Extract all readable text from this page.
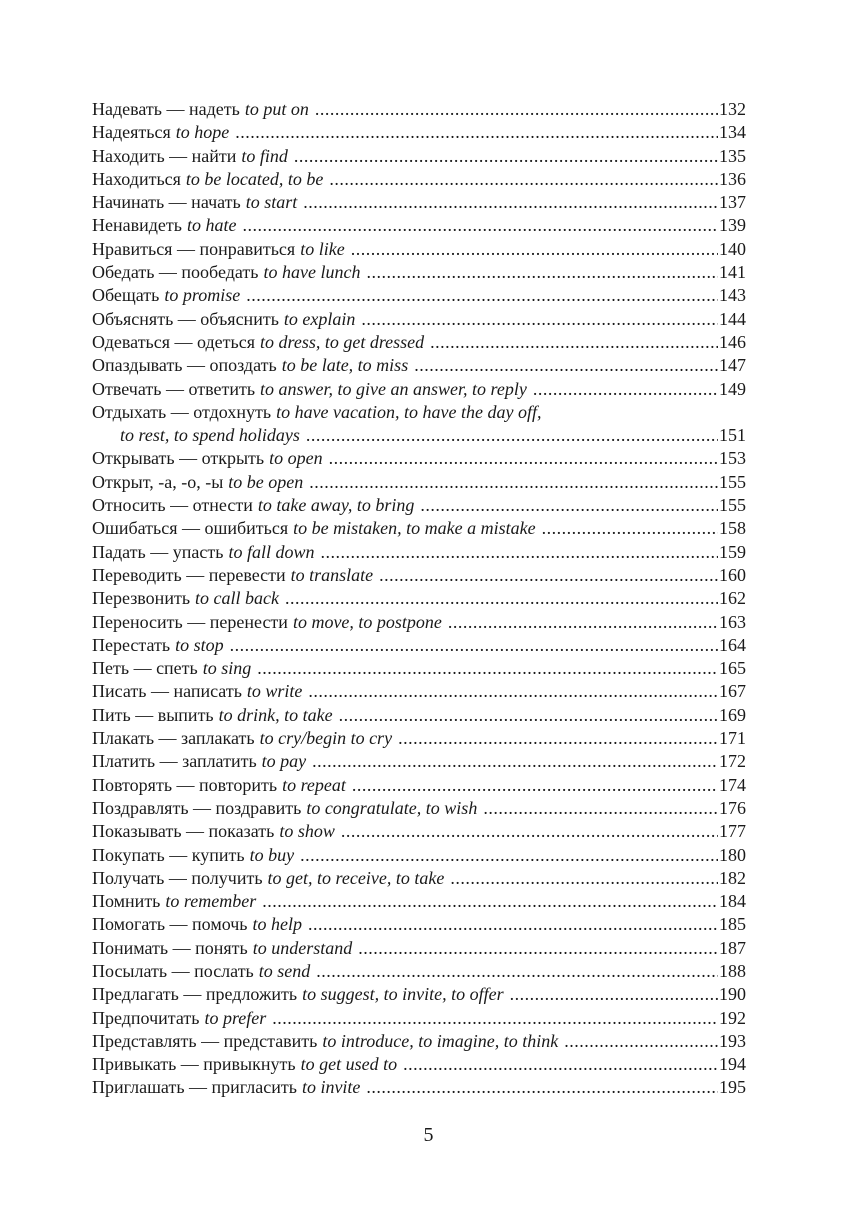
Надевать — надеть to put on .....	132
Надеяться to hope .....	134
Находить — найти to find .....	135
Находиться to be located, to be .....	136
Начинать — начать to start .....	137
Ненавидеть to hate .....	139
Нравиться — понравиться to like .....	140
Обедать — пообедать to have lunch .....	141
Обещать to promise .....	143
Объяснять — объяснить to explain .....	144
Одеваться — одеться to dress, to get dressed .....	146
Опаздывать — опоздать to be late, to miss .....	147
Отвечать — ответить to answer, to give an answer, to reply .....	149
Отдыхать — отдохнуть to have vacation, to have the day off,
to rest, to spend holidays .....	151
Открывать — открыть to open .....	153
Открыт, -а, -о, -ы to be open .....	155
Относить — отнести to take away, to bring .....	155
Ошибаться — ошибиться to be mistaken, to make a mistake .....	158
Падать — упасть to fall down .....	159
Переводить — перевести to translate .....	160
Перезвонить to call back .....	162
Переносить — перенести to move, to postpone .....	163
Перестать to stop .....	164
Петь — спеть to sing .....	165
Писать — написать to write .....	167
Пить — выпить to drink, to take .....	169
Плакать — заплакать to cry/begin to cry .....	171
Платить — заплатить to pay .....	172
Повторять — повторить to repeat .....	174
Поздравлять — поздравить to congratulate, to wish .....	176
Показывать — показать to show .....	177
Покупать — купить to buy .....	180
Получать — получить to get, to receive, to take .....	182
Помнить to remember .....	184
Помогать — помочь to help .....	185
Понимать — понять to understand .....	187
Посылать — послать to send .....	188
Предлагать — предложить to suggest, to invite, to offer .....	190
Предпочитать to prefer .....	192
Представлять — представить to introduce, to imagine, to think .....	193
Привыкать — привыкнуть to get used to .....	194
Приглашать — пригласить to invite .....	195
5
